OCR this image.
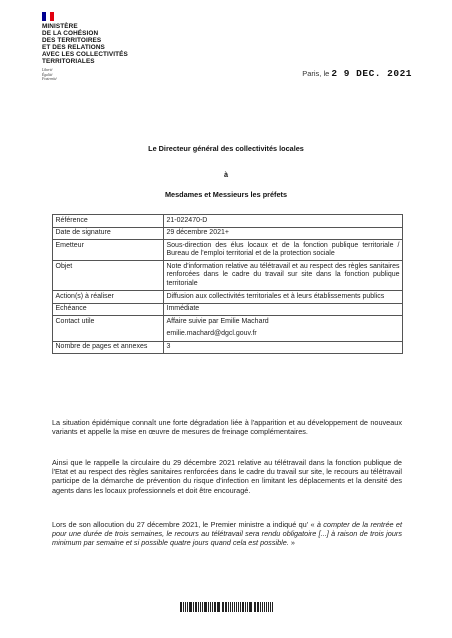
MINISTÈRE
DE LA COHÉSION
DES TERRITOIRES
ET DES RELATIONS
AVEC LES COLLECTIVITÉS
TERRITORIALES
Liberté
Égalité
Fraternité
Paris, le 2 9 DEC. 2021
Le Directeur général des collectivités locales
à
Mesdames et Messieurs les préfets
Référence	21-022470-D
Date de signature	29 décembre 2021+
Emetteur	Sous-direction des élus locaux et de la fonction publique territoriale / Bureau de l'emploi territorial et de la protection sociale
Objet	Note d'information relative au télétravail et au respect des règles sanitaires renforcées dans le cadre du travail sur site dans la fonction publique territoriale
Action(s) à réaliser	Diffusion aux collectivités territoriales et à leurs établissements publics
Echéance	Immédiate
Contact utile	Affaire suivie par Emilie Machard
emilie.machard@dgcl.gouv.fr

Nombre de pages et annexes	3
La situation épidémique connaît une forte dégradation liée à l'apparition et au développement de nouveaux variants et appelle la mise en œuvre de mesures de freinage complémentaires.
Ainsi que le rappelle la circulaire du 29 décembre 2021 relative au télétravail dans la fonction publique de l'Etat et au respect des règles sanitaires renforcées dans le cadre du travail sur site, le recours au télétravail participe de la démarche de prévention du risque d'infection en limitant les déplacements et la densité des agents dans les locaux professionnels et doit être encouragé.
Lors de son allocution du 27 décembre 2021, le Premier ministre a indiqué qu' « à compter de la rentrée et pour une durée de trois semaines, le recours au télétravail sera rendu obligatoire [...] à raison de trois jours minimum par semaine et si possible quatre jours quand cela est possible. »
